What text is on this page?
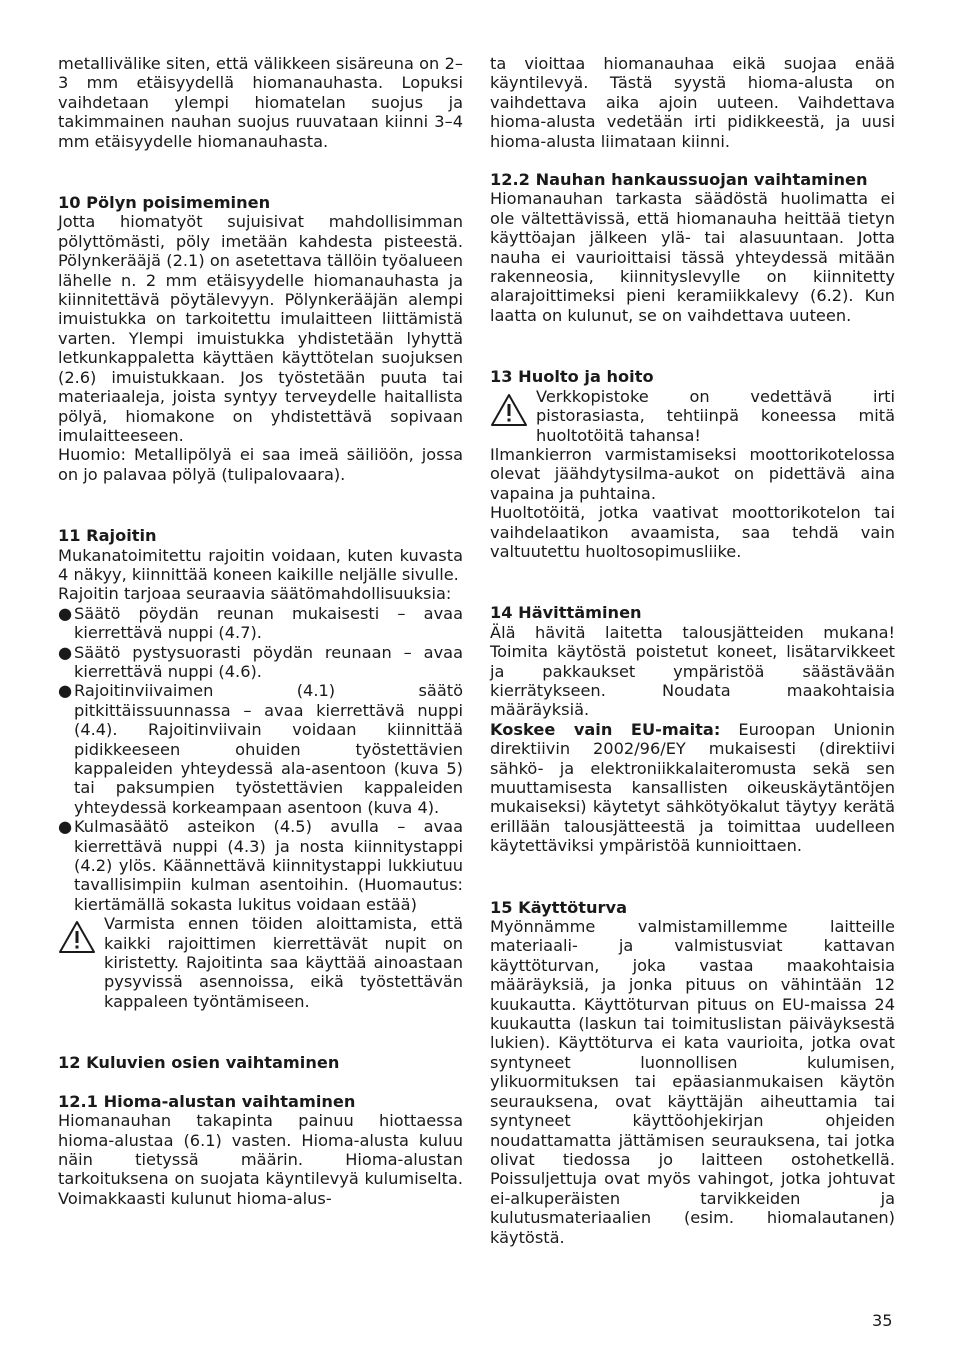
metallivälike siten, että välikkeen sisäreuna on 2–3 mm etäisyydellä hiomanauhasta. Lopuksi vaihdetaan ylempi hiomatelan suojus ja takimmainen nauhan suojus ruuvataan kiinni 3–4 mm etäisyydelle hiomanauhasta.

10 Pölyn poisimeminen

Jotta hiomatyöt sujuisivat mahdollisimman pölyttömästi, pöly imetään kahdesta pisteestä. Pölynkerääjä (2.1) on asetettava tällöin työalueen lähelle n. 2 mm etäisyydelle hiomanauhasta ja kiinnitettävä pöytälevyyn. Pölynkerääjän alempi imuistukka on tarkoitettu imulaitteen liittämistä varten. Ylempi imuistukka yhdistetään lyhyttä letkunkappaletta käyttäen käyttötelan suojuksen (2.6) imuistukkaan. Jos työstetään puuta tai materiaaleja, joista syntyy terveydelle haitallista pölyä, hiomakone on yhdistettävä sopivaan imulaitteeseen.

Huomio: Metallipölyä ei saa imeä säiliöön, jossa on jo palavaa pölyä (tulipalovaara).

11 Rajoitin

Mukanatoimitettu rajoitin voidaan, kuten kuvasta 4 näkyy, kiinnittää koneen kaikille neljälle sivulle.

Rajoitin tarjoaa seuraavia säätömahdollisuuksia:

● Säätö pöydän reunan mukaisesti – avaa kierrettävä nuppi (4.7).
● Säätö pystysuorasti pöydän reunaan – avaa kierrettävä nuppi (4.6).
● Rajoitinviivaimen (4.1) säätö pitkittäissuunnassa – avaa kierrettävä nuppi (4.4). Rajoitinviivain voidaan kiinnittää pidikkeeseen ohuiden työstettävien kappaleiden yhteydessä ala-asentoon (kuva 5) tai paksumpien työstettävien kappaleiden yhteydessä korkeampaan asentoon (kuva 4).
● Kulmasäätö asteikon (4.5) avulla – avaa kierrettävä nuppi (4.3) ja nosta kiinnitystappi (4.2) ylös. Käännettävä kiinnitystappi lukkiutuu tavallisimpiin kulman asentoihin. (Huomautus: kiertämällä sokasta lukitus voidaan estää)
Varmista ennen töiden aloittamista, että kaikki rajoittimen kierrettävät nupit on kiristetty. Rajoitinta saa käyttää ainoastaan pysyvissä asennoissa, eikä työstettävän kappaleen työntämiseen.

12 Kuluvien osien vaihtaminen

12.1 Hioma-alustan vaihtaminen

Hiomanauhan takapinta painuu hiottaessa hioma-alustaa (6.1) vasten. Hioma-alusta kuluu näin tietyssä määrin. Hioma-alustan tarkoituksena on suojata käyntilevyä kulumiselta. Voimakkaasti kulunut hioma-alus-

ta vioittaa hiomanauhaa eikä suojaa enää käyntilevyä. Tästä syystä hioma-alusta on vaihdettava aika ajoin uuteen. Vaihdettava hioma-alusta vedetään irti pidikkeestä, ja uusi hioma-alusta liimataan kiinni.

12.2 Nauhan hankaussuojan vaihtaminen

Hiomanauhan tarkasta säädöstä huolimatta ei ole vältettävissä, että hiomanauha heittää tietyn käyttöajan jälkeen ylä- tai alasuuntaan. Jotta nauha ei vaurioittaisi tässä yhteydessä mitään rakenneosia, kiinnityslevylle on kiinnitetty alarajoittimeksi pieni keramiikkalevy (6.2). Kun laatta on kulunut, se on vaihdettava uuteen.

13 Huolto ja hoito

Verkkopistoke on vedettävä irti pistorasiasta, tehtiinpä koneessa mitä huoltotöitä tahansa!

Ilmankierron varmistamiseksi moottorikotelossa olevat jäähdytysilma-aukot on pidettävä aina vapaina ja puhtaina.

Huoltotöitä, jotka vaativat moottorikotelon tai vaihdelaatikon avaamista, saa tehdä vain valtuutettu huoltosopimusliike.

14 Hävittäminen

Älä hävitä laitetta talousjätteiden mukana! Toimita käytöstä poistetut koneet, lisätarvikkeet ja pakkaukset ympäristöä säästävään kierrätykseen. Noudata maakohtaisia määräyksiä.

Koskee vain EU-maita: Euroopan Unionin direktiivin 2002/96/EY mukaisesti (direktiivi sähkö- ja elektroniikkalaiteromusta sekä sen muuttamisesta kansallisten oikeuskäytäntöjen mukaiseksi) käytetyt sähkötyökalut täytyy kerätä erillään talousjätteestä ja toimittaa uudelleen käytettäviksi ympäristöä kunnioittaen.

15 Käyttöturva

Myönnämme valmistamillemme laitteille materiaali- ja valmistusviat kattavan käyttöturvan, joka vastaa maakohtaisia määräyksiä, ja jonka pituus on vähintään 12 kuukautta. Käyttöturvan pituus on EU-maissa 24 kuukautta (laskun tai toimituslistan päiväyksestä lukien). Käyttöturva ei kata vaurioita, jotka ovat syntyneet luonnollisen kulumisen, ylikuormituksen tai epäasianmukaisen käytön seurauksena, ovat käyttäjän aiheuttamia tai syntyneet käyttöohjekirjan ohjeiden noudattamatta jättämisen seurauksena, tai jotka olivat tiedossa jo laitteen ostohetkellä. Poissuljettuja ovat myös vahingot, jotka johtuvat ei-alkuperäisten tarvikkeiden ja kulutusmateriaalien (esim. hiomalautanen) käytöstä.

35
